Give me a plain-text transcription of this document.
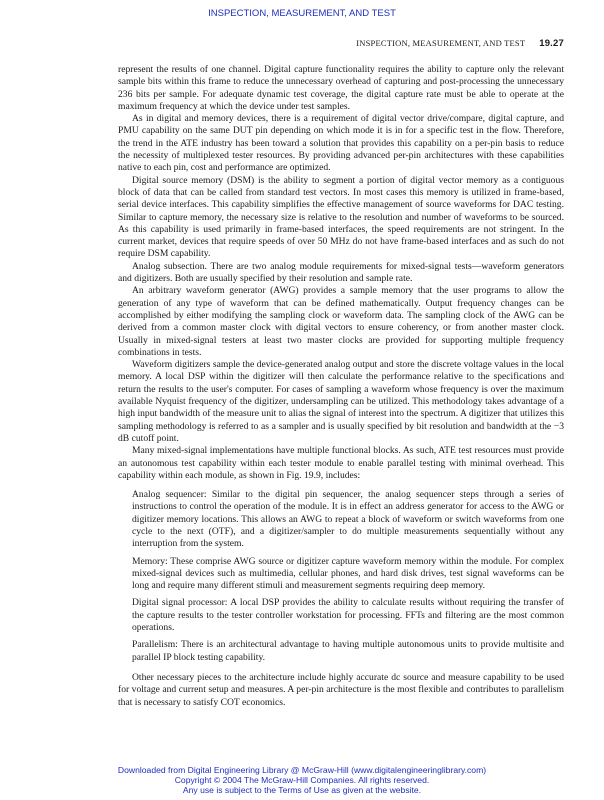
INSPECTION, MEASUREMENT, AND TEST
INSPECTION, MEASUREMENT, AND TEST 19.27

represent the results of one channel. Digital capture functionality requires the ability to capture only the relevant sample bits within this frame to reduce the unnecessary overhead of capturing and post-processing the unnecessary 236 bits per sample. For adequate dynamic test coverage, the digital capture rate must be able to operate at the maximum frequency at which the device under test samples.

As in digital and memory devices, there is a requirement of digital vector drive/compare, digital capture, and PMU capability on the same DUT pin depending on which mode it is in for a specific test in the flow. Therefore, the trend in the ATE industry has been toward a solution that provides this capability on a per-pin basis to reduce the necessity of multiplexed tester resources. By providing advanced per-pin architectures with these capabilities native to each pin, cost and performance are optimized.

Digital source memory (DSM) is the ability to segment a portion of digital vector memory as a contiguous block of data that can be called from standard test vectors. In most cases this memory is utilized in frame-based, serial device interfaces. This capability simplifies the effective management of source waveforms for DAC testing. Similar to capture memory, the necessary size is relative to the resolution and number of waveforms to be sourced. As this capability is used primarily in frame-based interfaces, the speed requirements are not stringent. In the current market, devices that require speeds of over 50 MHz do not have frame-based interfaces and as such do not require DSM capability.

Analog subsection. There are two analog module requirements for mixed-signal tests—waveform generators and digitizers. Both are usually specified by their resolution and sample rate.

An arbitrary waveform generator (AWG) provides a sample memory that the user programs to allow the generation of any type of waveform that can be defined mathematically. Output frequency changes can be accomplished by either modifying the sampling clock or waveform data. The sampling clock of the AWG can be derived from a common master clock with digital vectors to ensure coherency, or from another master clock. Usually in mixed-signal testers at least two master clocks are provided for supporting multiple frequency combinations in tests.

Waveform digitizers sample the device-generated analog output and store the discrete voltage values in the local memory. A local DSP within the digitizer will then calculate the performance relative to the specifications and return the results to the user's computer. For cases of sampling a waveform whose frequency is over the maximum available Nyquist frequency of the digitizer, undersampling can be utilized. This methodology takes advantage of a high input bandwidth of the measure unit to alias the signal of interest into the spectrum. A digitizer that utilizes this sampling methodology is referred to as a sampler and is usually specified by bit resolution and bandwidth at the −3 dB cutoff point.

Many mixed-signal implementations have multiple functional blocks. As such, ATE test resources must provide an autonomous test capability within each tester module to enable parallel testing with minimal overhead. This capability within each module, as shown in Fig. 19.9, includes:

Analog sequencer: Similar to the digital pin sequencer, the analog sequencer steps through a series of instructions to control the operation of the module. It is in effect an address generator for access to the AWG or digitizer memory locations. This allows an AWG to repeat a block of waveform or switch waveforms from one cycle to the next (OTF), and a digitizer/sampler to do multiple measurements sequentially without any interruption from the system.

Memory: These comprise AWG source or digitizer capture waveform memory within the module. For complex mixed-signal devices such as multimedia, cellular phones, and hard disk drives, test signal waveforms can be long and require many different stimuli and measurement segments requiring deep memory.

Digital signal processor: A local DSP provides the ability to calculate results without requiring the transfer of the capture results to the tester controller workstation for processing. FFTs and filtering are the most common operations.

Parallelism: There is an architectural advantage to having multiple autonomous units to provide multisite and parallel IP block testing capability.

Other necessary pieces to the architecture include highly accurate dc source and measure capability to be used for voltage and current setup and measures. A per-pin architecture is the most flexible and contributes to parallelism that is necessary to satisfy COT economics.

Downloaded from Digital Engineering Library @ McGraw-Hill (www.digitalengineeringlibrary.com)
Copyright © 2004 The McGraw-Hill Companies. All rights reserved.
Any use is subject to the Terms of Use as given at the website.
